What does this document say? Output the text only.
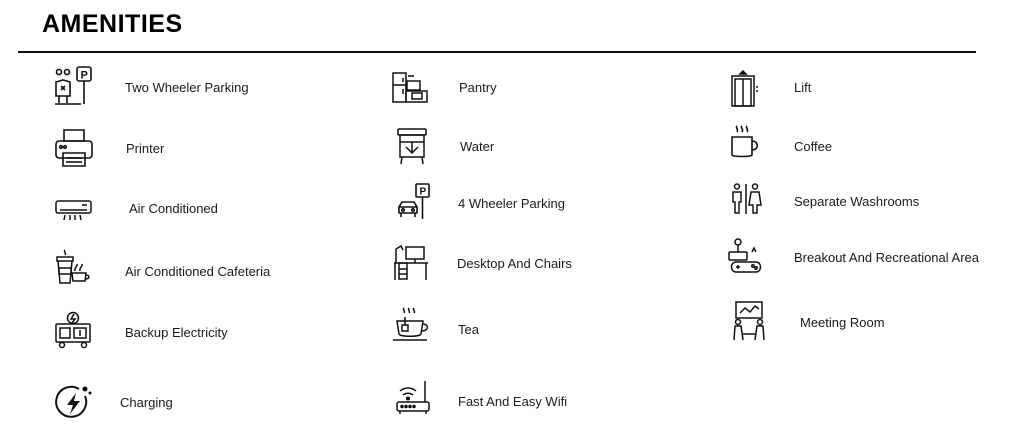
AMENITIES
P
Two Wheeler Parking
Printer
Air Conditioned
Air Conditioned Cafeteria
Backup Electricity
Charging
Pantry
Water
P
4 Wheeler Parking
Desktop And Chairs
Tea
Fast And Easy Wifi
Lift
Coffee
Separate Washrooms
Breakout And Recreational Area
Meeting Room
